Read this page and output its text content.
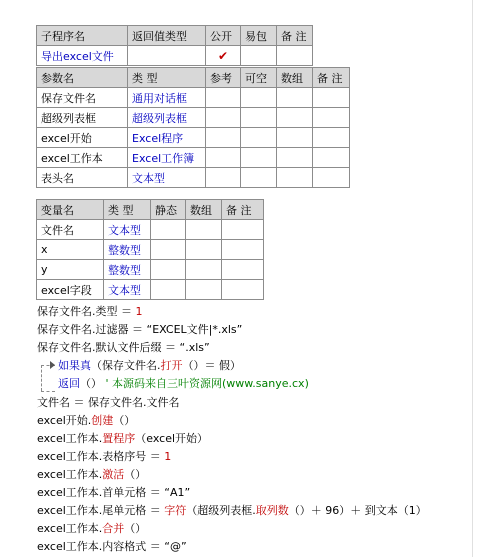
子程序名	返回值类型	公开	易包	备 注
导出excel文件		✔		
参数名	类 型	参考	可空	数组	备 注
保存文件名	通用对话框				
超级列表框	超级列表框				
excel开始	Excel程序				
excel工作本	Excel工作簿				
表头名	文本型				
变量名	类 型	静态	数组	备 注
文件名	文本型			
x	整数型			
y	整数型			
excel字段	文本型			
保存文件名.类型 ＝ 1
保存文件名.过滤器 ＝ “EXCEL文件|*.xls”
保存文件名.默认文件后缀 ＝ “.xls”
如果真（保存文件名.打开（）＝ 假）
返回（） ' 本源码来自三叶资源网(www.sanye.cx)
文件名 ＝ 保存文件名.文件名
excel开始.创建（）
excel工作本.置程序（excel开始）
excel工作本.表格序号 ＝ 1
excel工作本.激活（）
excel工作本.首单元格 ＝ “A1”
excel工作本.尾单元格 ＝ 字符（超级列表框.取列数（）＋ 96）＋ 到文本（1）
excel工作本.合并（）
excel工作本.内容格式 ＝ “@”
